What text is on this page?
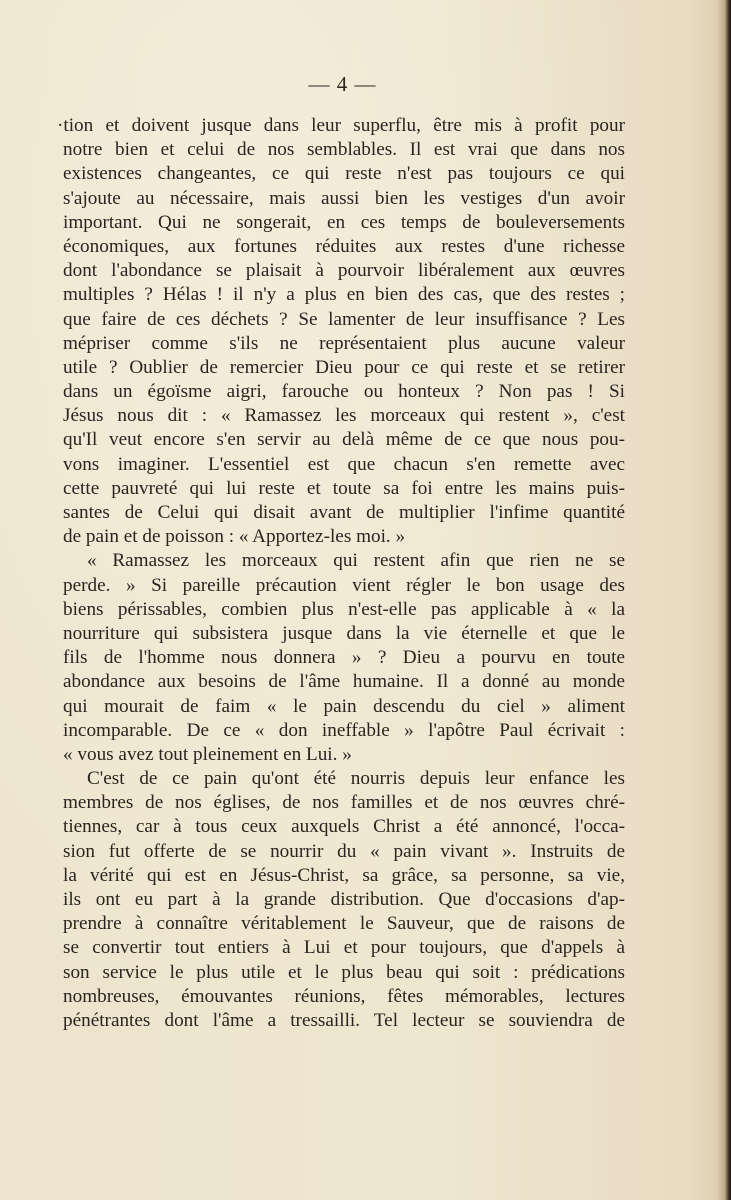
— 4 —
·tion et doivent jusque dans leur superflu, être mis à profit pour
notre bien et celui de nos semblables. Il est vrai que dans nos
existences changeantes, ce qui reste n'est pas toujours ce qui
s'ajoute au nécessaire, mais aussi bien les vestiges d'un avoir
important. Qui ne songerait, en ces temps de bouleversements
économiques, aux fortunes réduites aux restes d'une richesse
dont l'abondance se plaisait à pourvoir libéralement aux œuvres
multiples ? Hélas ! il n'y a plus en bien des cas, que des restes ;
que faire de ces déchets ? Se lamenter de leur insuffisance ? Les
mépriser comme s'ils ne représentaient plus aucune valeur
utile ? Oublier de remercier Dieu pour ce qui reste et se retirer
dans un égoïsme aigri, farouche ou honteux ? Non pas ! Si
Jésus nous dit : « Ramassez les morceaux qui restent », c'est
qu'Il veut encore s'en servir au delà même de ce que nous pou-
vons imaginer. L'essentiel est que chacun s'en remette avec
cette pauvreté qui lui reste et toute sa foi entre les mains puis-
santes de Celui qui disait avant de multiplier l'infime quantité
de pain et de poisson : « Apportez-les moi. »
« Ramassez les morceaux qui restent afin que rien ne se
perde. » Si pareille précaution vient régler le bon usage des
biens périssables, combien plus n'est-elle pas applicable à « la
nourriture qui subsistera jusque dans la vie éternelle et que le
fils de l'homme nous donnera » ? Dieu a pourvu en toute
abondance aux besoins de l'âme humaine. Il a donné au monde
qui mourait de faim « le pain descendu du ciel » aliment
incomparable. De ce « don ineffable » l'apôtre Paul écrivait :
« vous avez tout pleinement en Lui. »
C'est de ce pain qu'ont été nourris depuis leur enfance les
membres de nos églises, de nos familles et de nos œuvres chré-
tiennes, car à tous ceux auxquels Christ a été annoncé, l'occa-
sion fut offerte de se nourrir du « pain vivant ». Instruits de
la vérité qui est en Jésus-Christ, sa grâce, sa personne, sa vie,
ils ont eu part à la grande distribution. Que d'occasions d'ap-
prendre à connaître véritablement le Sauveur, que de raisons de
se convertir tout entiers à Lui et pour toujours, que d'appels à
son service le plus utile et le plus beau qui soit : prédications
nombreuses, émouvantes réunions, fêtes mémorables, lectures
pénétrantes dont l'âme a tressailli. Tel lecteur se souviendra de
